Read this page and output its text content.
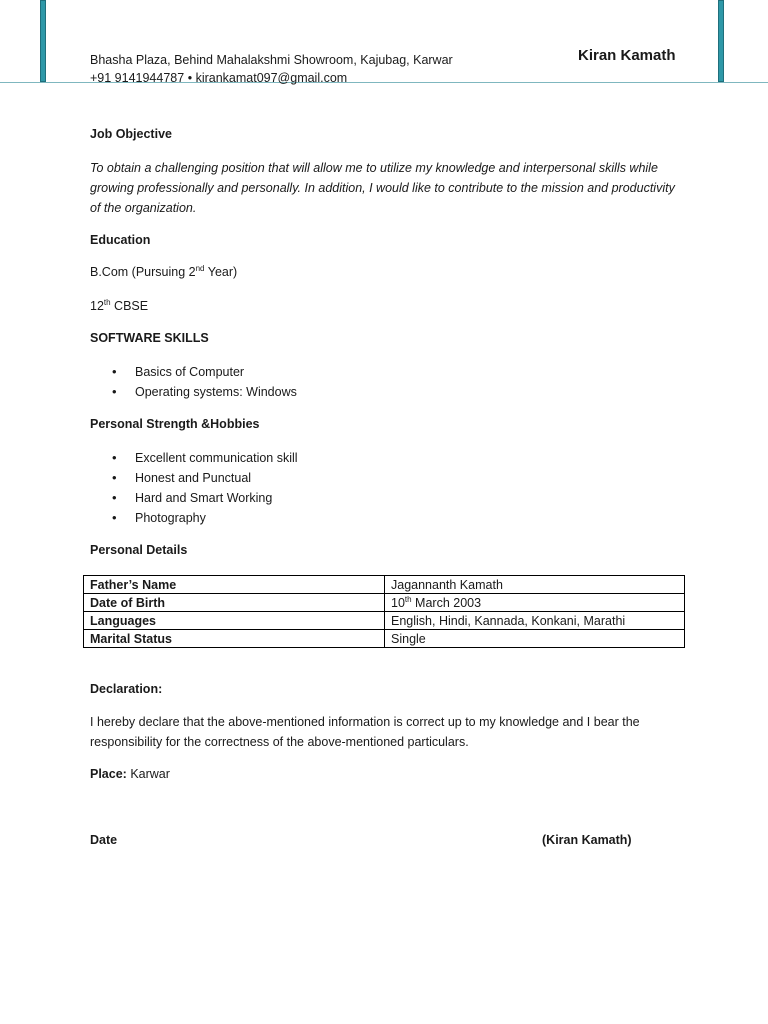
Bhasha Plaza, Behind Mahalakshmi Showroom, Kajubag, Karwar
+91 9141944787 • kirankamat097@gmail.com
Kiran Kamath
Job Objective
To obtain a challenging position that will allow me to utilize my knowledge and interpersonal skills while growing professionally and personally. In addition, I would like to contribute to the mission and productivity of the organization.
Education
B.Com (Pursuing 2nd Year)
12th CBSE
SOFTWARE SKILLS
• Basics of Computer
• Operating systems: Windows
Personal Strength &Hobbies
• Excellent communication skill
• Honest and Punctual
• Hard and Smart Working
• Photography
Personal Details
Father’s Name	Jagannanth Kamath
Date of Birth	10th March 2003
Languages	English, Hindi, Kannada, Konkani, Marathi
Marital Status	Single
Declaration:
I hereby declare that the above-mentioned information is correct up to my knowledge and I bear the responsibility for the correctness of the above-mentioned particulars.
Place: Karwar
Date	(Kiran Kamath)
